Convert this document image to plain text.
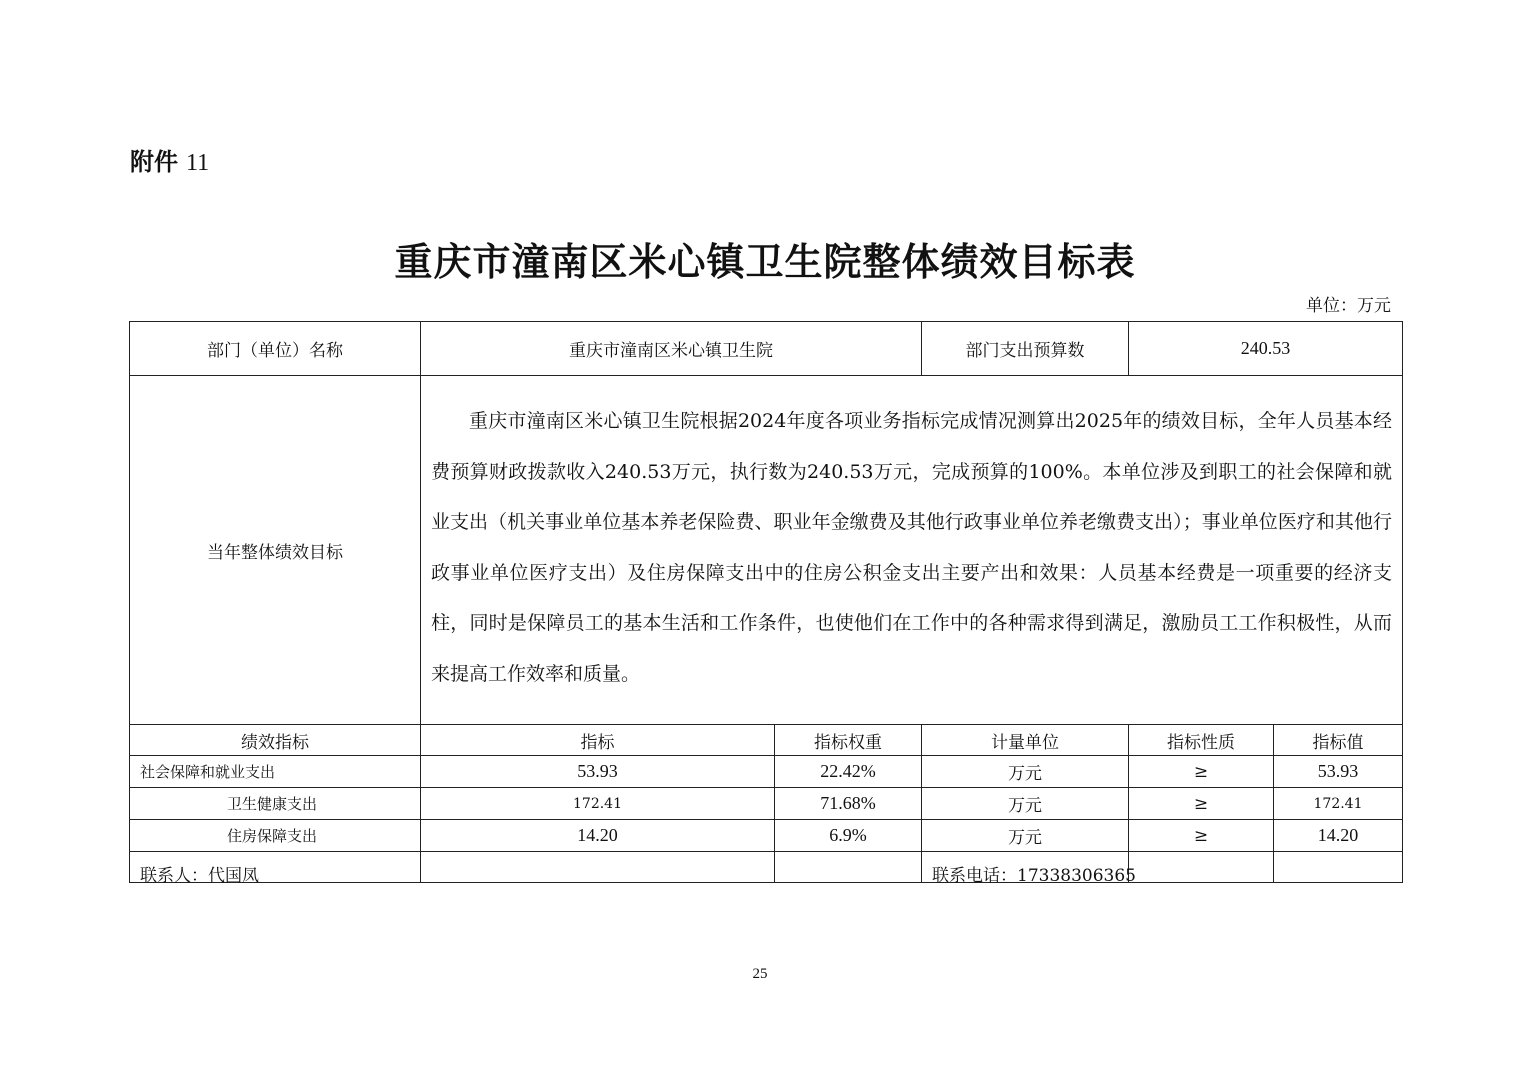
附件 11
重庆市潼南区米心镇卫生院整体绩效目标表
单位：万元
部门（单位）名称	重庆市潼南区米心镇卫生院		部门支出预算数	240.53	
当年整体绩效目标	重庆市潼南区米心镇卫生院根据2024年度各项业务指标完成情况测算出2025年的绩效目标，全年人员基本经费预算财政拨款收入240.53万元，执行数为240.53万元，完成预算的100%。本单位涉及到职工的社会保障和就业支出（机关事业单位基本养老保险费、职业年金缴费及其他行政事业单位养老缴费支出）；事业单位医疗和其他行政事业单位医疗支出）及住房保障支出中的住房公积金支出主要产出和效果：人员基本经费是一项重要的经济支柱，同时是保障员工的基本生活和工作条件，也使他们在工作中的各种需求得到满足，激励员工工作积极性，从而来提高工作效率和质量。				
绩效指标	指标	指标权重	计量单位	指标性质	指标值
社会保障和就业支出	53.93	22.42%	万元	≥	53.93
卫生健康支出	172.41	71.68%	万元	≥	172.41
住房保障支出	14.20	6.9%	万元	≥	14.20

联系人：代国凤	联系电话：17338306365
25
